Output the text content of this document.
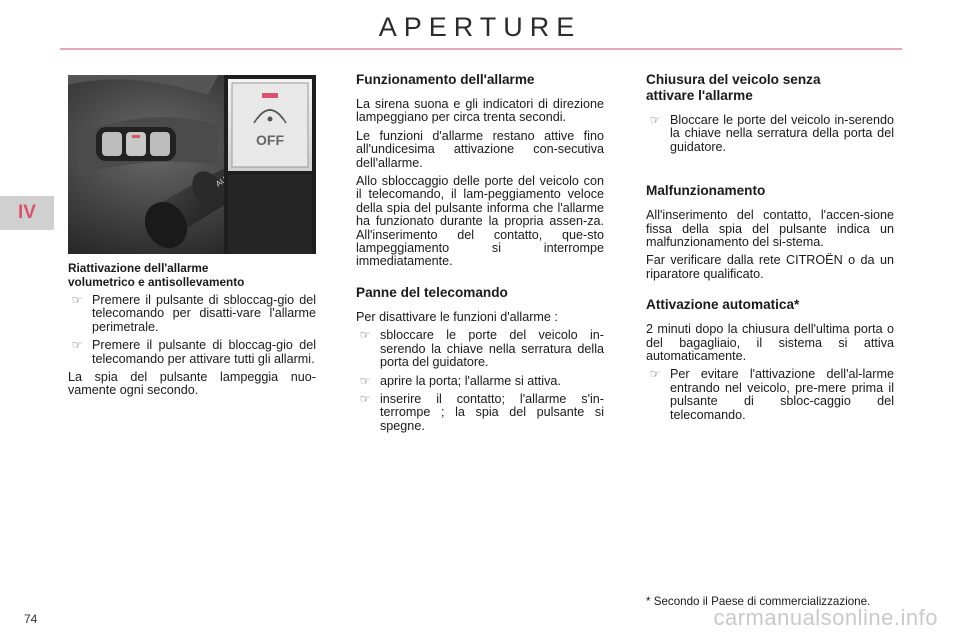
APERTURE
IV
OFF
Riattivazione dell'allarme
volumetrico e antisollevamento
☞ Premere il pulsante di sbloccag-gio del telecomando per disatti-vare l'allarme perimetrale.
☞ Premere il pulsante di bloccag-gio del telecomando per attivare tutti gli allarmi.

La spia del pulsante lampeggia nuo-vamente ogni secondo.

Funzionamento dell'allarme

La sirena suona e gli indicatori di direzione lampeggiano per circa trenta secondi.

Le funzioni d'allarme restano attive fino all'undicesima attivazione con-secutiva dell'allarme.

Allo sbloccaggio delle porte del veicolo con il telecomando, il lam-peggiamento veloce della spia del pulsante informa che l'allarme ha funzionato durante la propria assen-za. All'inserimento del contatto, que-sto lampeggiamento si interrompe immediatamente.

Panne del telecomando

Per disattivare le funzioni d'allarme :

☞ sbloccare le porte del veicolo in-serendo la chiave nella serratura della porta del guidatore.
☞ aprire la porta; l'allarme si attiva.
☞ inserire il contatto; l'allarme s'in-terrompe ; la spia del pulsante si spegne.
Chiusura del veicolo senza
attivare l'allarme
☞ Bloccare le porte del veicolo in-serendo la chiave nella serratura della porta del guidatore.
Malfunzionamento

All'inserimento del contatto, l'accen-sione fissa della spia del pulsante indica un malfunzionamento del si-stema.

Far verificare dalla rete CITROËN o da un riparatore qualificato.

Attivazione automatica*

2 minuti dopo la chiusura dell'ultima porta o del bagagliaio, il sistema si attiva automaticamente.

☞ Per evitare l'attivazione dell'al-larme entrando nel veicolo, pre-mere prima il pulsante di sbloc-caggio del telecomando.
* Secondo il Paese di commercializzazione.
74	carmanualsonline.info
